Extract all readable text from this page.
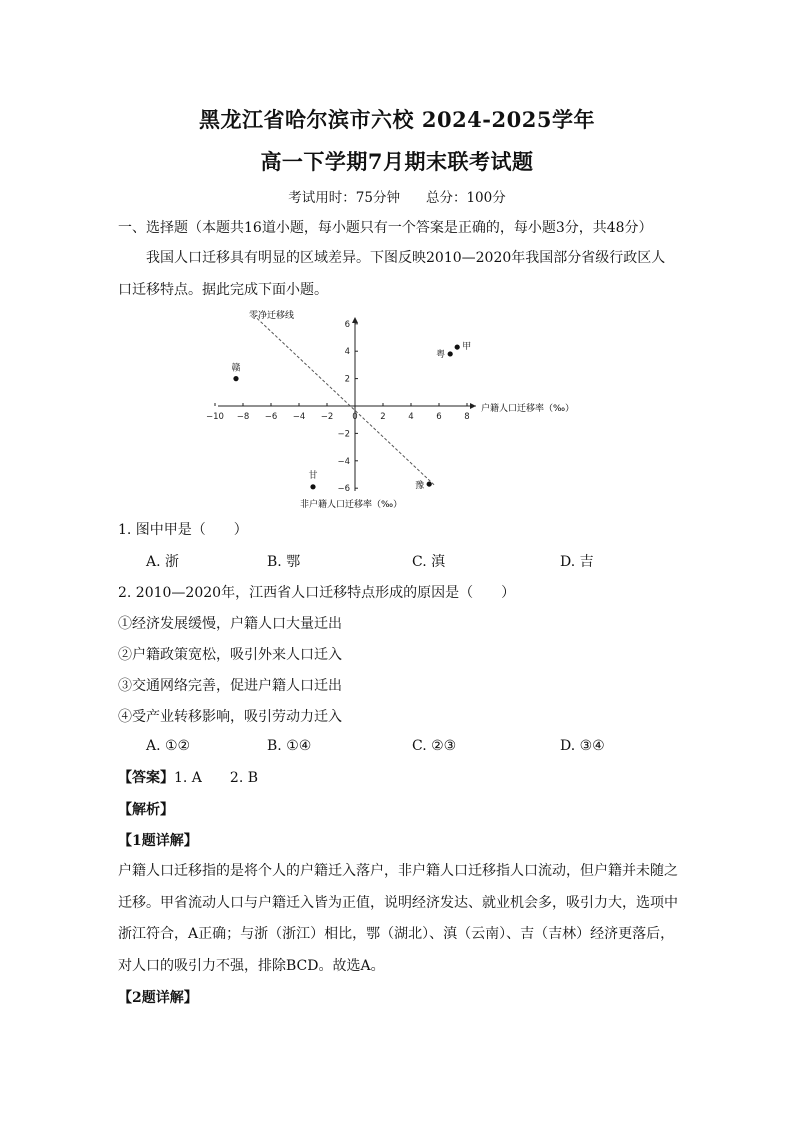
黑龙江省哈尔滨市六校 2024-2025学年
高一下学期7月期末联考试题
考试用时：75分钟 总分：100分
一、选择题（本题共16道小题，每小题只有一个答案是正确的，每小题3分，共48分）

我国人口迁移具有明显的区域差异。下图反映2010—2020年我国部分省级行政区人口迁移特点。据此完成下面小题。

−10 −8 −6 −4 −2 0	2	4	6	8
6
4
2
−2
−4
−6
甲
粤
赣
甘
豫
户籍人口迁移率（‰）
非户籍人口迁移率（‰）
零净迁移线
1. 图中甲是（　　）
A. 浙	B. 鄂	C. 滇	D. 吉
2. 2010—2020年，江西省人口迁移特点形成的原因是（　　）
①经济发展缓慢，户籍人口大量迁出
②户籍政策宽松，吸引外来人口迁入
③交通网络完善，促进户籍人口迁出
④受产业转移影响，吸引劳动力迁入
A. ①②	B. ①④	C. ②③	D. ③④
【答案】1. A　　2. B
【解析】
【1题详解】

户籍人口迁移指的是将个人的户籍迁入落户，非户籍人口迁移指人口流动，但户籍并未随之迁移。甲省流动人口与户籍迁入皆为正值，说明经济发达、就业机会多，吸引力大，选项中浙江符合，A正确；与浙（浙江）相比，鄂（湖北）、滇（云南）、吉（吉林）经济更落后，对人口的吸引力不强，排除BCD。故选A。

【2题详解】
